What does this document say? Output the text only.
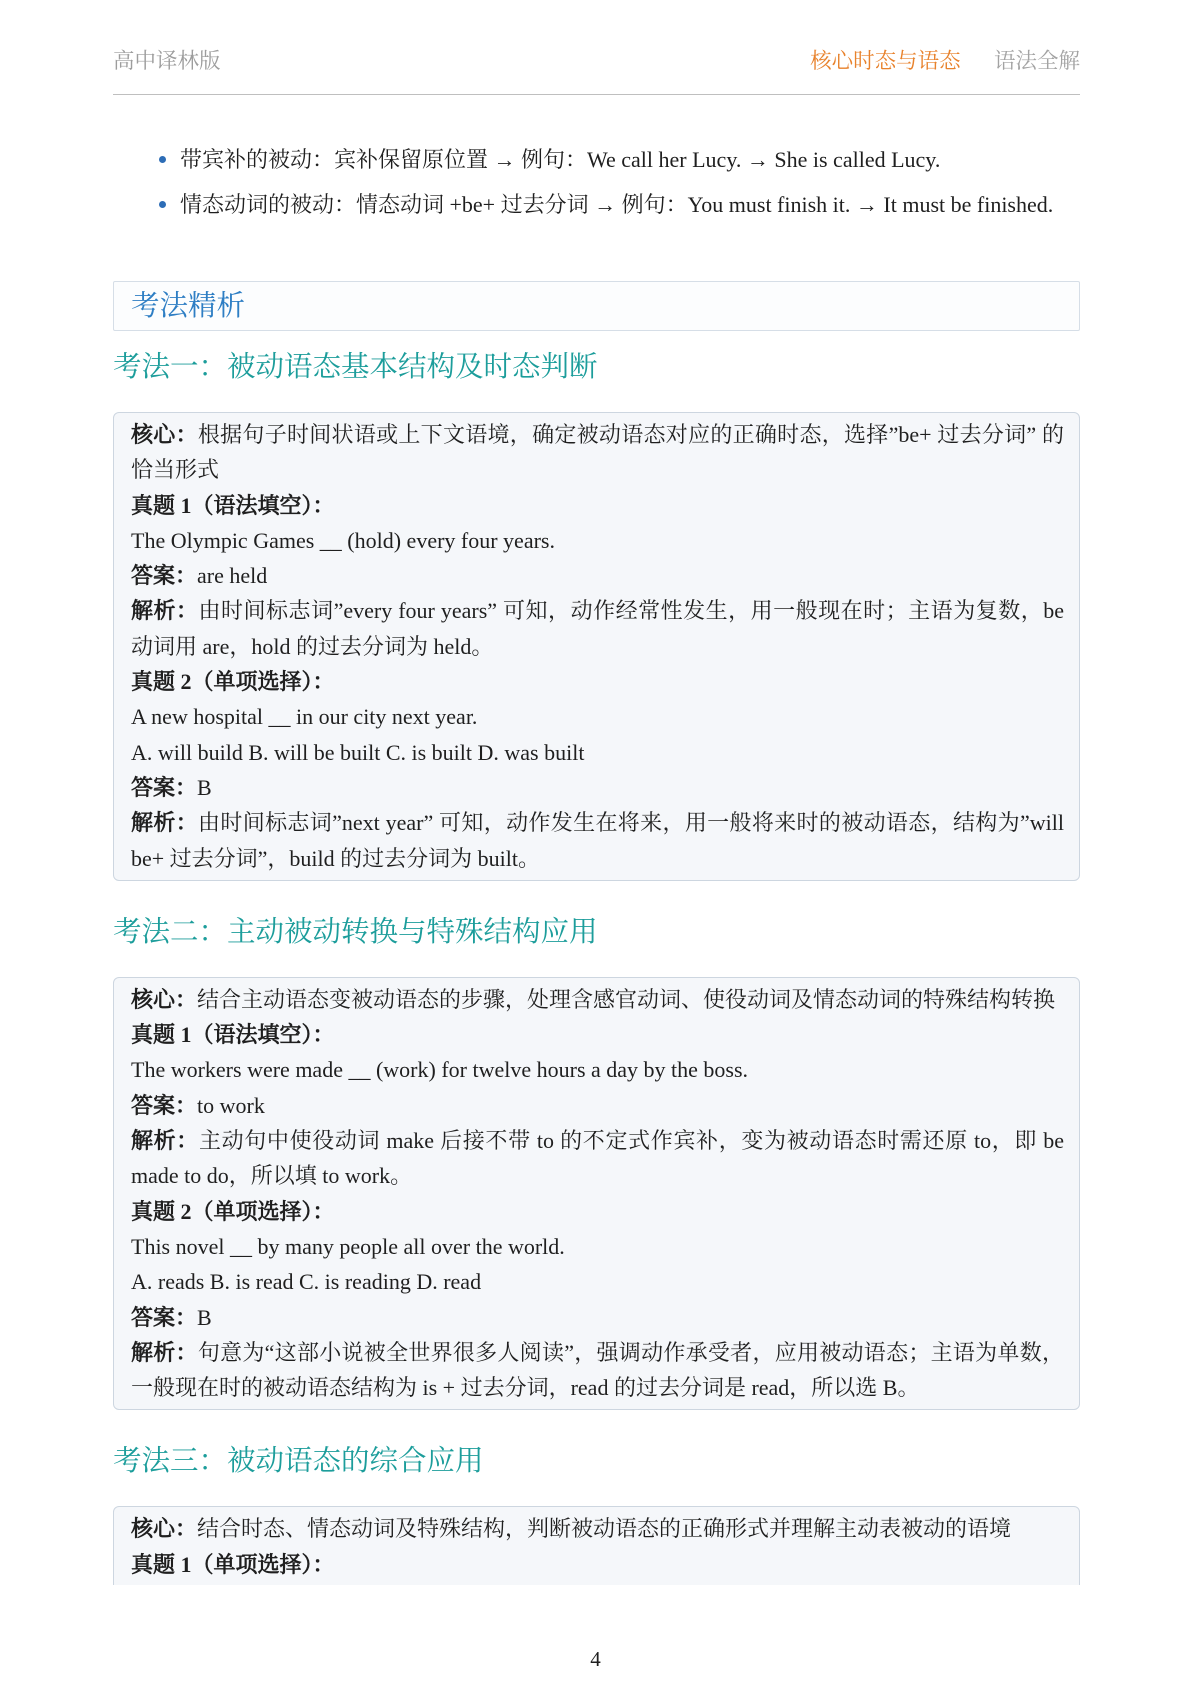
高中译林版	核心时态与语态 语法全解
带宾补的被动：宾补保留原位置 → 例句：We call her Lucy. → She is called Lucy.
情态动词的被动：情态动词 +be+ 过去分词 → 例句：You must finish it. → It must be finished.
考法精析
考法一：被动语态基本结构及时态判断
核心：根据句子时间状语或上下文语境，确定被动语态对应的正确时态，选择”be+ 过去分词” 的恰当形式
真题 1（语法填空）：
The Olympic Games __ (hold) every four years.
答案：are held
解析：由时间标志词”every four years” 可知，动作经常性发生，用一般现在时；主语为复数，be 动词用 are，hold 的过去分词为 held。
真题 2（单项选择）：
A new hospital __ in our city next year.
A. will build B. will be built C. is built D. was built
答案：B
解析：由时间标志词”next year” 可知，动作发生在将来，用一般将来时的被动语态，结构为”will be+ 过去分词”，build 的过去分词为 built。
考法二：主动被动转换与特殊结构应用
核心：结合主动语态变被动语态的步骤，处理含感官动词、使役动词及情态动词的特殊结构转换
真题 1（语法填空）：
The workers were made __ (work) for twelve hours a day by the boss.
答案：to work
解析：主动句中使役动词 make 后接不带 to 的不定式作宾补，变为被动语态时需还原 to，即 be made to do，所以填 to work。
真题 2（单项选择）：
This novel __ by many people all over the world.
A. reads B. is read C. is reading D. read
答案：B
解析：句意为“这部小说被全世界很多人阅读”，强调动作承受者，应用被动语态；主语为单数，一般现在时的被动语态结构为 is + 过去分词，read 的过去分词是 read，所以选 B。
考法三：被动语态的综合应用
核心：结合时态、情态动词及特殊结构，判断被动语态的正确形式并理解主动表被动的语境
真题 1（单项选择）：
4
